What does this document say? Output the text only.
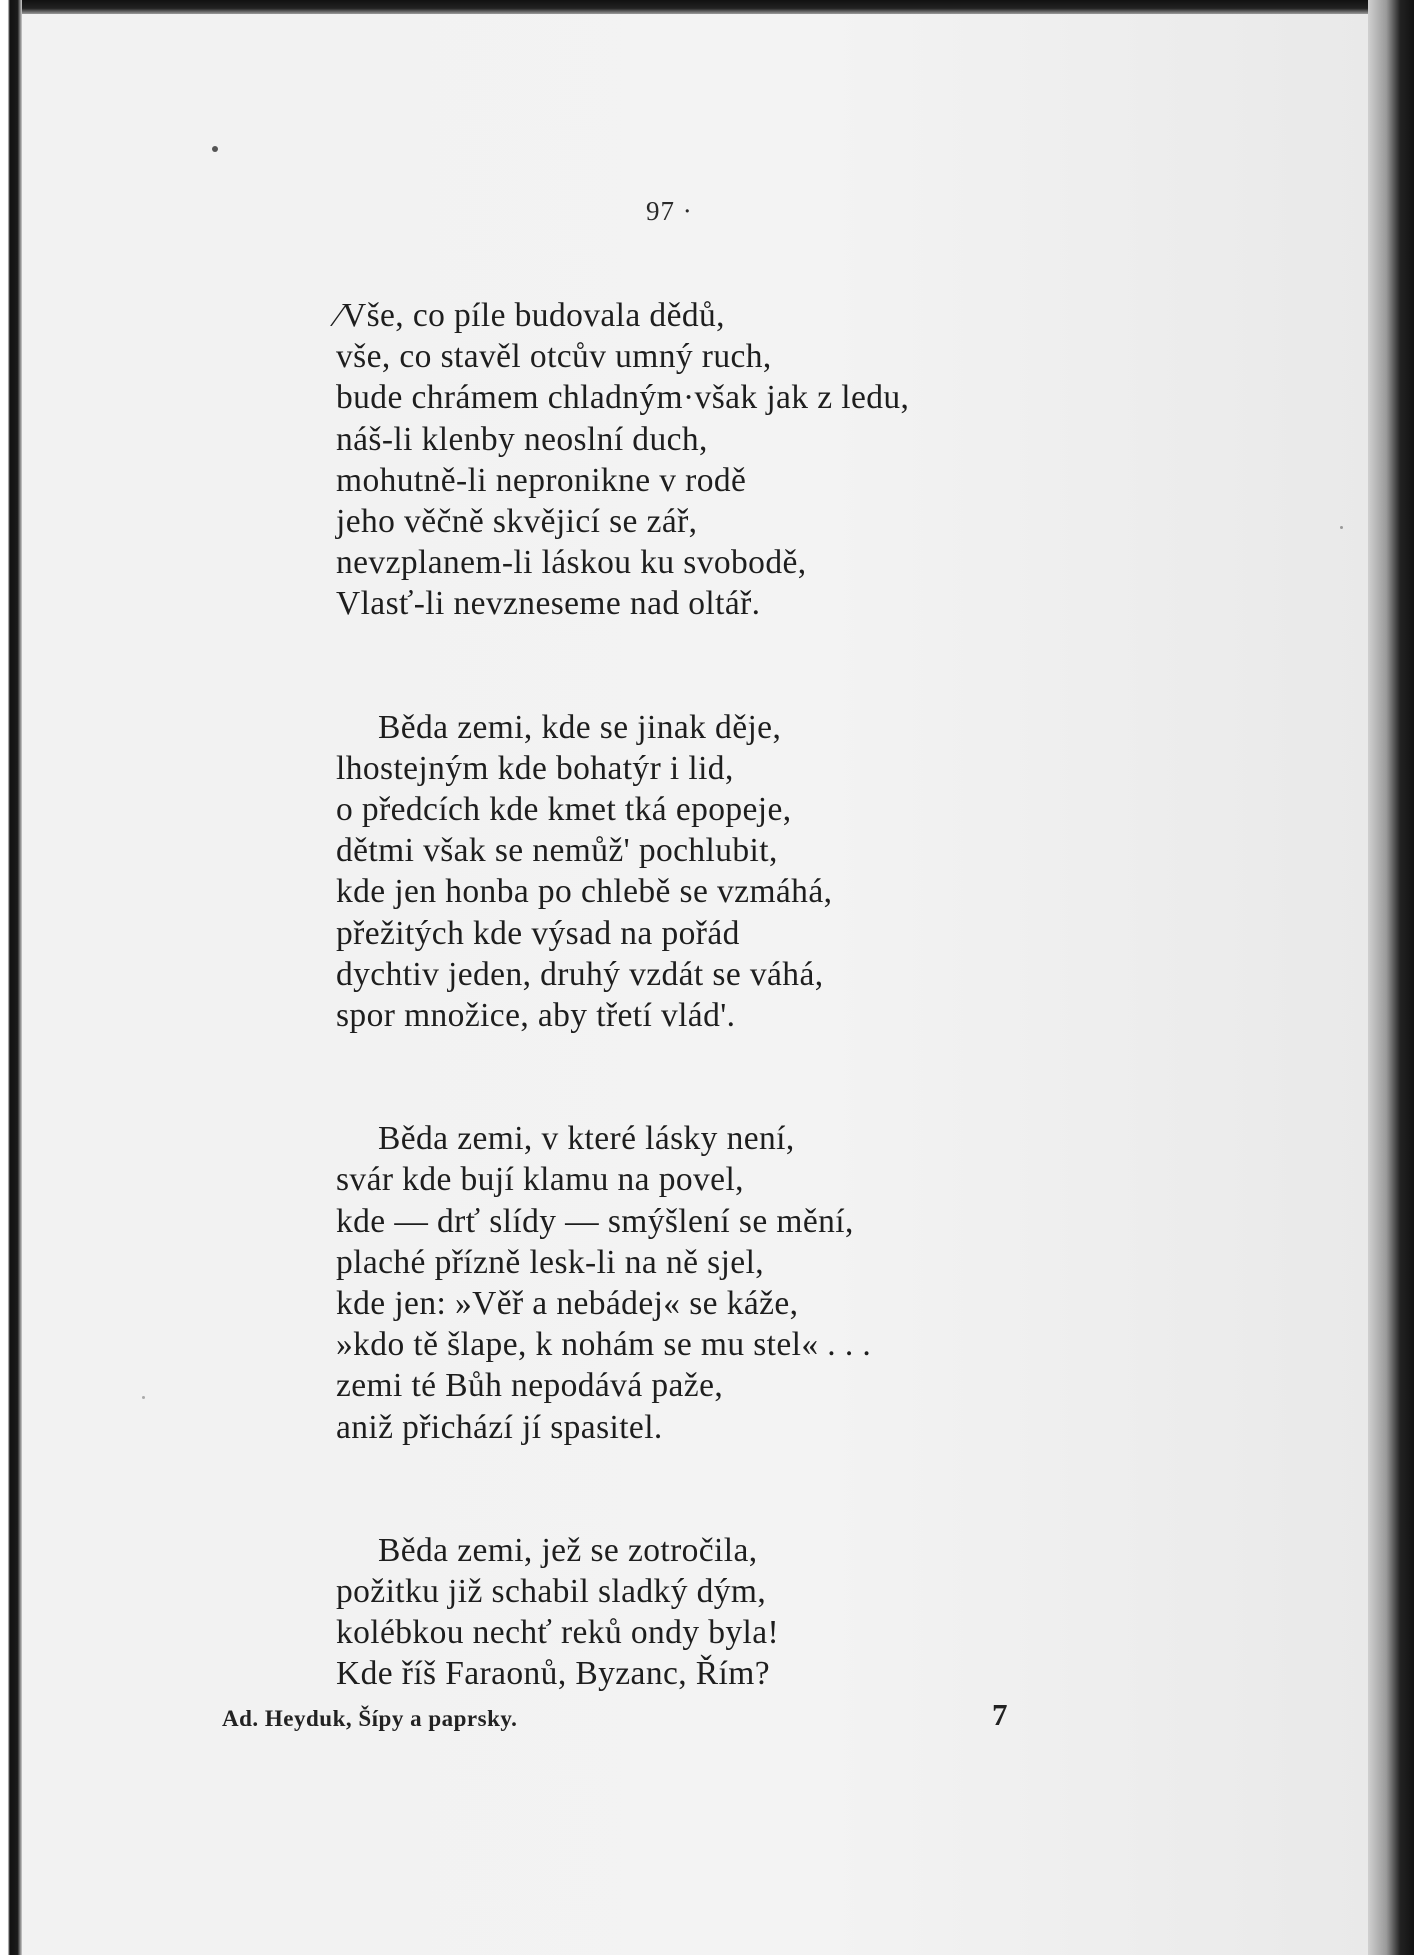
97 ·
⁄Vše, co píle budovala dědů,
vše, co stavěl otcův umný ruch,
bude chrámem chladným·však jak z ledu,
náš-li klenby neoslní duch,
mohutně-li nepronikne v rodě
jeho věčně skvějicí se zář,
nevzplanem-li láskou ku svobodě,
Vlasť-li nevzneseme nad oltář.
Běda zemi, kde se jinak děje,
lhostejným kde bohatýr i lid,
o předcích kde kmet tká epopeje,
dětmi však se nemůž' pochlubit,
kde jen honba po chlebě se vzmáhá,
přežitých kde výsad na pořád
dychtiv jeden, druhý vzdát se váhá,
spor množice, aby třetí vlád'.
Běda zemi, v které lásky není,
svár kde bují klamu na povel,
kde — drť slídy — smýšlení se mění,
plaché přízně lesk-li na ně sjel,
kde jen: »Věř a nebádej« se káže,
»kdo tě šlape, k nohám se mu stel« . . .
zemi té Bůh nepodává paže,
aniž přichází jí spasitel.
Běda zemi, jež se zotročila,
požitku již schabil sladký dým,
kolébkou nechť reků ondy byla!
Kde říš Faraonů, Byzanc, Řím?
Ad. Heyduk, Šípy a paprsky.	7
